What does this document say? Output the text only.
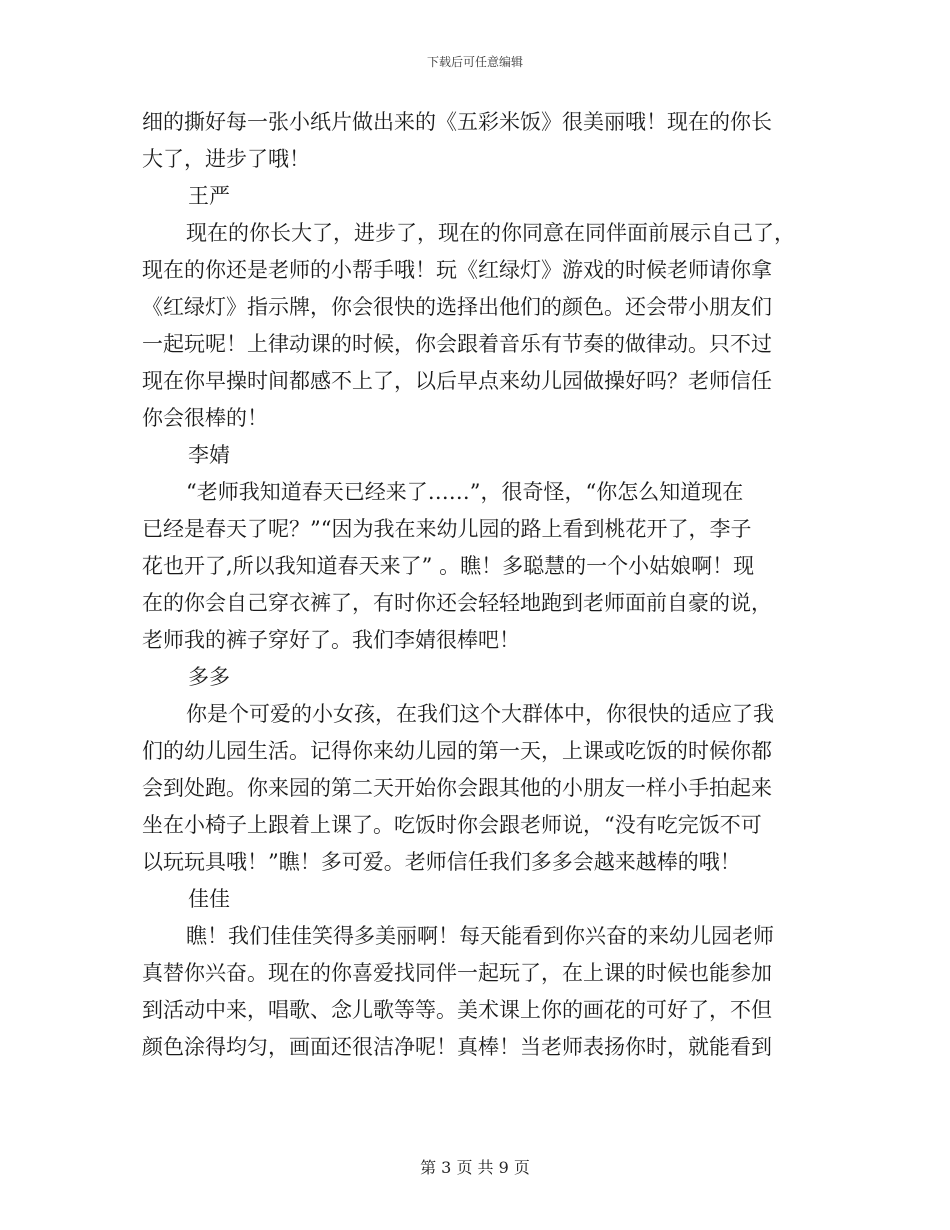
下载后可任意编辑
细的撕好每一张小纸片做出来的《五彩米饭》很美丽哦！现在的你长
大了，进步了哦！
王严
现在的你长大了，进步了，现在的你同意在同伴面前展示自己了，
现在的你还是老师的小帮手哦！玩《红绿灯》游戏的时候老师请你拿
《红绿灯》指示牌，你会很快的选择出他们的颜色。还会带小朋友们
一起玩呢！上律动课的时候，你会跟着音乐有节奏的做律动。只不过
现在你早操时间都感不上了，以后早点来幼儿园做操好吗？老师信任
你会很棒的！
李婧
“老师我知道春天已经来了……”，很奇怪，“你怎么知道现在
已经是春天了呢？”“因为我在来幼儿园的路上看到桃花开了，李子
花也开了,所以我知道春天来了” 。瞧！多聪慧的一个小姑娘啊！现
在的你会自己穿衣裤了，有时你还会轻轻地跑到老师面前自豪的说，
老师我的裤子穿好了。我们李婧很棒吧！
多多
你是个可爱的小女孩，在我们这个大群体中，你很快的适应了我
们的幼儿园生活。记得你来幼儿园的第一天，上课或吃饭的时候你都
会到处跑。你来园的第二天开始你会跟其他的小朋友一样小手拍起来
坐在小椅子上跟着上课了。吃饭时你会跟老师说，“没有吃完饭不可
以玩玩具哦！”瞧！多可爱。老师信任我们多多会越来越棒的哦！
佳佳
瞧！我们佳佳笑得多美丽啊！每天能看到你兴奋的来幼儿园老师
真替你兴奋。现在的你喜爱找同伴一起玩了，在上课的时候也能参加
到活动中来，唱歌、念儿歌等等。美术课上你的画花的可好了，不但
颜色涂得均匀，画面还很洁净呢！真棒！当老师表扬你时，就能看到
第 3 页 共 9 页
